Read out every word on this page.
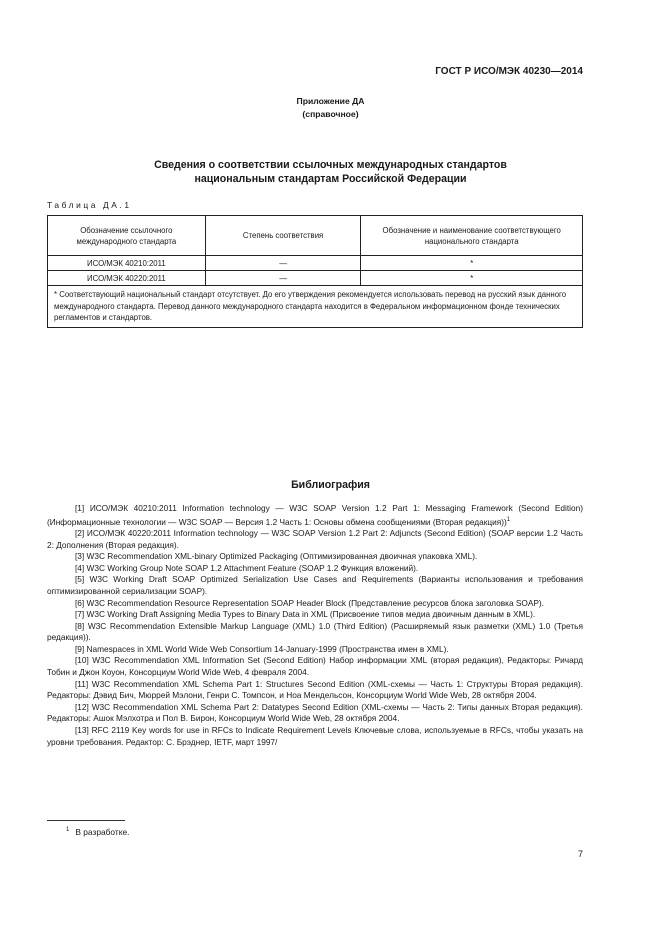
ГОСТ Р ИСО/МЭК 40230—2014
Приложение ДА
(справочное)
Сведения о соответствии ссылочных международных стандартов
национальным стандартам Российской Федерации
Таблица ДА.1
Обозначение ссылочного международного стандарта	Степень соответствия	Обозначение и наименование соответствующего национального стандарта
ИСО/МЭК 40210:2011	—	*
ИСО/МЭК 40220:2011	—	*
* Соответствующий национальный стандарт отсутствует. До его утверждения рекомендуется использовать перевод на русский язык данного международного стандарта. Перевод данного международного стандарта находится в Федеральном информационном фонде технических регламентов и стандартов.		
Библиография

[1] ИСО/МЭК 40210:2011 Information technology — W3C SOAP Version 1.2 Part 1: Messaging Framework (Second Edition) (Информационные технологии — W3C SOAP — Версия 1.2 Часть 1: Основы обмена сообщениями (Вторая редакция))$^1$

[2] ИСО/МЭК 40220:2011 Information technology — W3C SOAP Version 1.2 Part 2: Adjuncts (Second Edition) (SOAP версии 1.2 Часть 2: Дополнения (Вторая редакция).

[3] W3C Recommendation XML-binary Optimized Packaging (Оптимизированная двоичная упаковка XML).

[4] W3C Working Group Note SOAP 1.2 Attachment Feature (SOAP 1.2 Функция вложений).

[5] W3C Working Draft SOAP Optimized Serialization Use Cases and Requirements (Варианты использования и требования оптимизированной сериализации SOAP).

[6] W3C Recommendation Resource Representation SOAP Header Block (Представление ресурсов блока заголовка SOAP).

[7] W3C Working Draft Assigning Media Types to Binary Data in XML (Присвоение типов медиа двоичным данным в XML).

[8] W3C Recommendation Extensible Markup Language (XML) 1.0 (Third Edition) (Расширяемый язык разметки (XML) 1.0 (Третья редакция)).

[9] Namespaces in XML World Wide Web Consortium 14-January-1999 (Пространства имен в XML).

[10] W3C Recommendation XML Information Set (Second Edition) Набор информации XML (вторая редакция), Редакторы: Ричард Тобин и Джон Коуон, Консорциум World Wide Web, 4 февраля 2004.

[11] W3C Recommendation XML Schema Part 1: Structures Second Edition (XML-схемы — Часть 1: Структуры Вторая редакция). Редакторы: Дэвид Бич, Мюррей Мэлони, Генри С. Томпсон, и Ноа Мендельсон, Консорциум World Wide Web, 28 октября 2004.

[12] W3C Recommendation XML Schema Part 2: Datatypes Second Edition (XML-схемы — Часть 2: Типы данных Вторая редакция). Редакторы: Ашок Мэлхотра и Пол В. Бирон, Консорциум World Wide Web, 28 октября 2004.

[13] RFC 2119 Key words for use in RFCs to Indicate Requirement Levels Ключевые слова, используемые в RFCs, чтобы указать на уровни требования. Редактор: С. Брэднер, IETF, март 1997/

$^1$ В разработке.
7
